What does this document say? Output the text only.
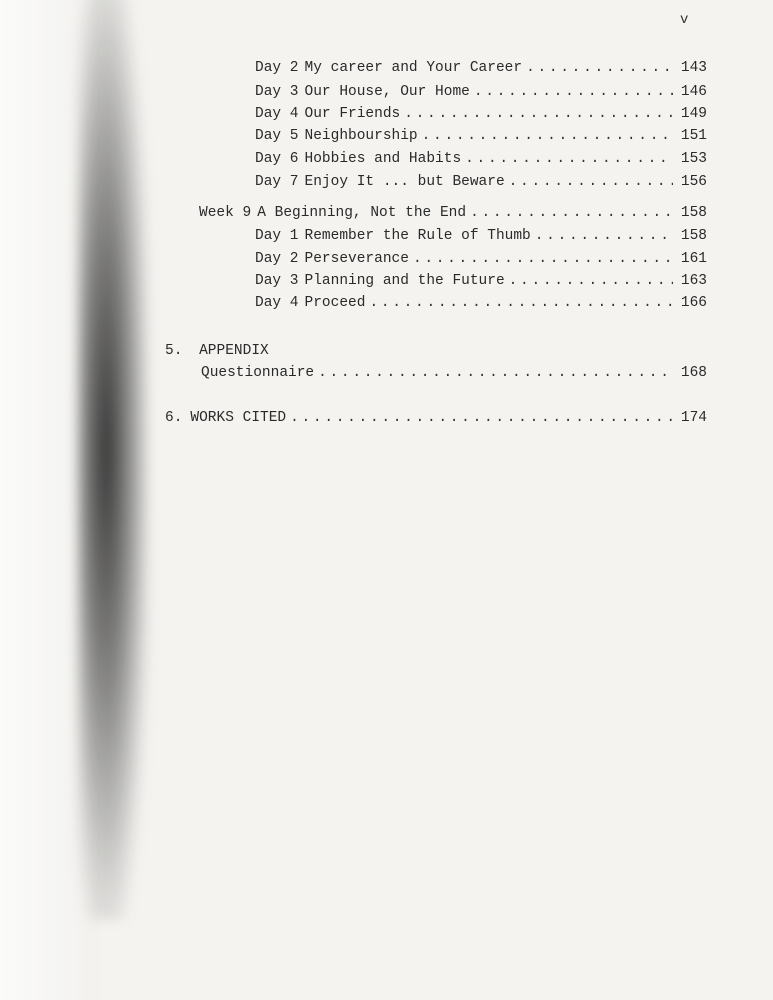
v
Day 2 My career and Your Career . . .	143
Day 3 Our House, Our Home . . .	146
Day 4 Our Friends . . .	149
Day 5 Neighbourship . . .	151
Day 6 Hobbies and Habits . . .	153
Day 7 Enjoy It ... but Beware . . .	156
Week 9 A Beginning, Not the End . . .	158
Day 1 Remember the Rule of Thumb . . .	158
Day 2 Perseverance . . .	161
Day 3 Planning and the Future . . .	163
Day 4 Proceed . . .	166
5. APPENDIX
Questionnaire . . .	168
6. WORKS CITED . . .	174
